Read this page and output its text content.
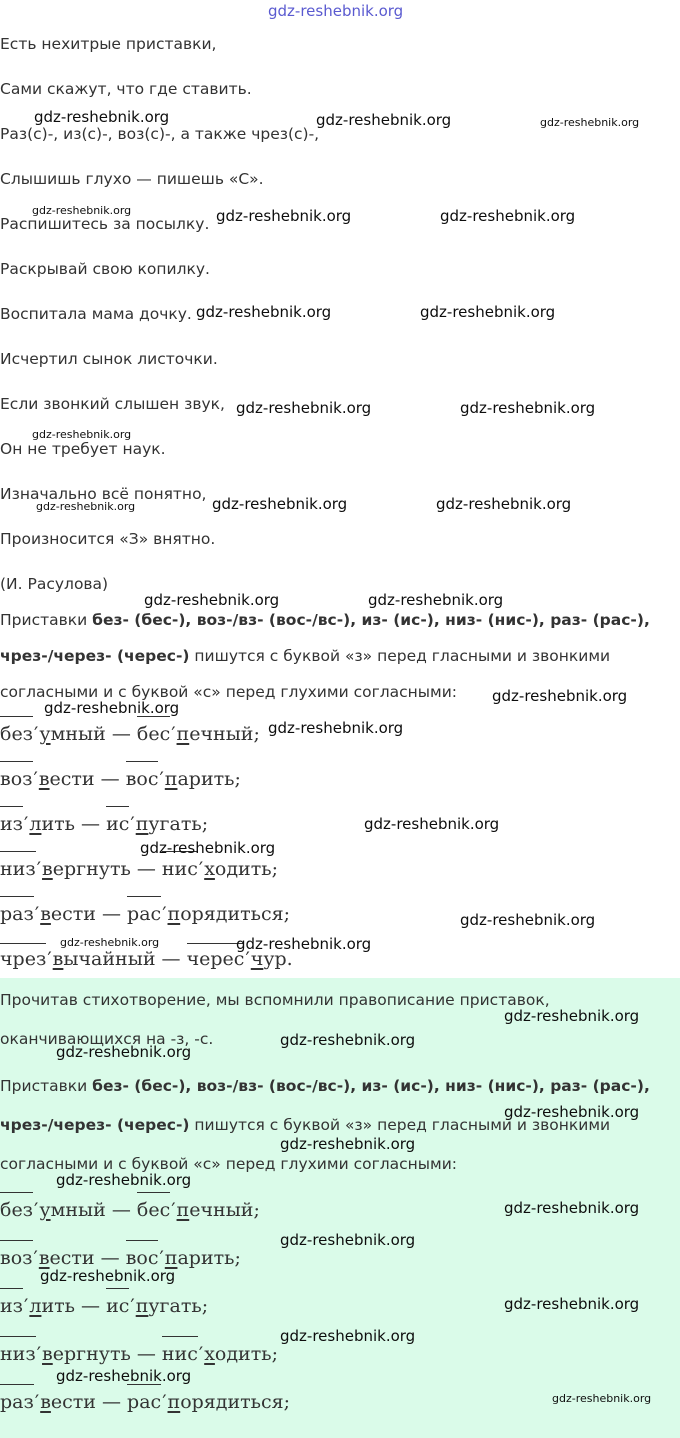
gdz-reshebnik.org
Есть нехитрые приставки,
Сами скажут, что где ставить.
Раз(с)-, из(с)-, воз(с)-, а также чрез(с)-,
Слышишь глухо — пишешь «С».
Распишитесь за посылку.
Раскрывай свою копилку.
Воспитала мама дочку.
Исчертил сынок листочки.
Если звонкий слышен звук,
Он не требует наук.
Изначально всё понятно,
Произносится «З» внятно.
(И. Расулова)
Приставки без- (бес-), воз-/вз- (вос-/вс-), из- (ис-), низ- (нис-), раз- (рас-),
чрез-/через- (черес-) пишутся с буквой «з» перед гласными и звонкими
согласными и с буквой «с» перед глухими согласными:
без′умный — бес′печный;
воз′вести — вос′парить;
из′лить — ис′пугать;
низ′вергнуть — нис′ходить;
раз′вести — рас′порядиться;
чрез′вычайный — черес′чур.
Прочитав стихотворение, мы вспомнили правописание приставок,
оканчивающихся на -з, -с.
Приставки без- (бес-), воз-/вз- (вос-/вс-), из- (ис-), низ- (нис-), раз- (рас-),
чрез-/через- (черес-) пишутся с буквой «з» перед гласными и звонкими
согласными и с буквой «с» перед глухими согласными:
без′умный — бес′печный;
воз′вести — вос′парить;
из′лить — ис′пугать;
низ′вергнуть — нис′ходить;
раз′вести — рас′порядиться;
gdz-reshebnik.org	gdz-reshebnik.org	gdz-reshebnik.org
gdz-reshebnik.org	gdz-reshebnik.org	gdz-reshebnik.org
gdz-reshebnik.org	gdz-reshebnik.org
gdz-reshebnik.org	gdz-reshebnik.org
gdz-reshebnik.org
gdz-reshebnik.org	gdz-reshebnik.org
gdz-reshebnik.org
gdz-reshebnik.org	gdz-reshebnik.org
gdz-reshebnik.org
gdz-reshebnik.org
gdz-reshebnik.org
gdz-reshebnik.org
gdz-reshebnik.org
gdz-reshebnik.org
gdz-reshebnik.org	gdz-reshebnik.org
gdz-reshebnik.org
gdz-reshebnik.org
gdz-reshebnik.org
gdz-reshebnik.org
gdz-reshebnik.org
gdz-reshebnik.org
gdz-reshebnik.org
gdz-reshebnik.org
gdz-reshebnik.org
gdz-reshebnik.org
gdz-reshebnik.org
gdz-reshebnik.org
gdz-reshebnik.org
